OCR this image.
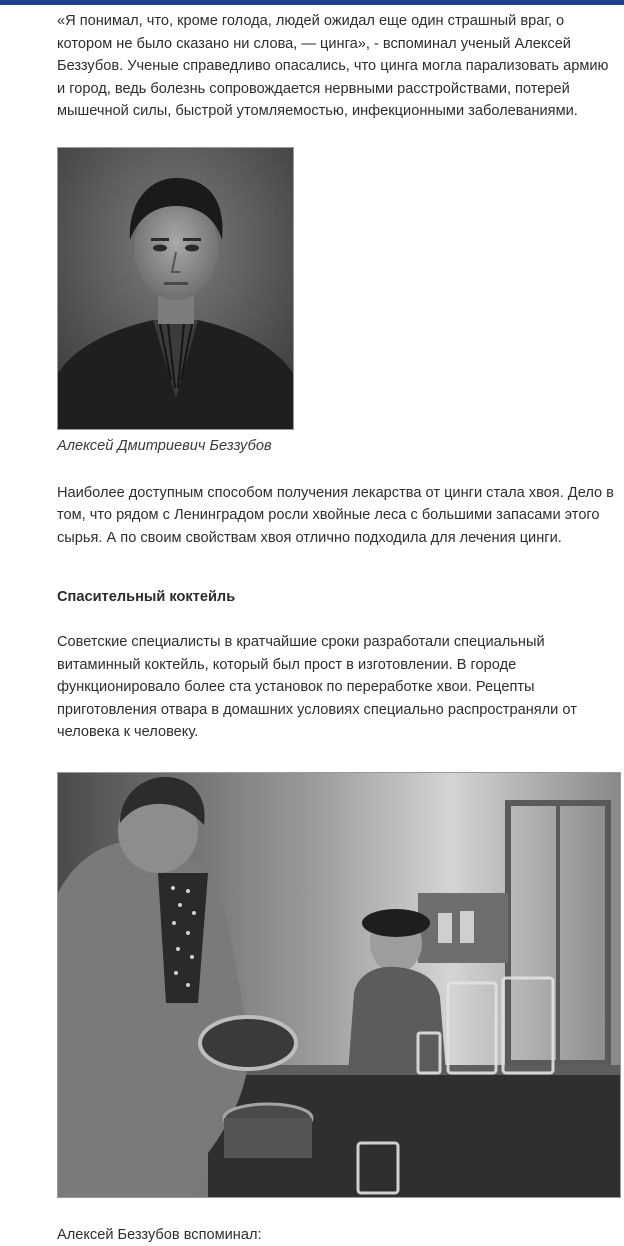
«Я понимал, что, кроме голода, людей ожидал еще один страшный враг, о котором не было сказано ни слова, — цинга», - вспоминал ученый Алексей Беззубов. Ученые справедливо опасались, что цинга могла парализовать армию и город, ведь болезнь сопровождается нервными расстройствами, потерей мышечной силы, быстрой утомляемостью, инфекционными заболеваниями.

Алексей Дмитриевич Беззубов

Наиболее доступным способом получения лекарства от цинги стала хвоя. Дело в том, что рядом с Ленинградом росли хвойные леса с большими запасами этого сырья. А по своим свойствам хвоя отлично подходила для лечения цинги.

Спасительный коктейль

Советские специалисты в кратчайшие сроки разработали специальный витаминный коктейль, который был прост в изготовлении. В городе функционировало более ста установок по переработке хвои. Рецепты приготовления отвара в домашних условиях специально распространяли от человека к человеку.

Алексей Беззубов вспоминал:
